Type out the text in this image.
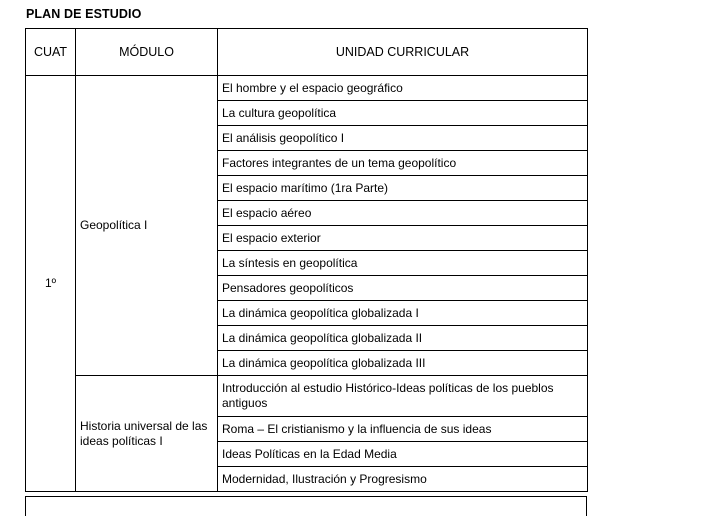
PLAN DE ESTUDIO
CUAT	MÓDULO	UNIDAD CURRICULAR
1º	Geopolítica I	El hombre y el espacio geográfico
		La cultura geopolítica
		El análisis geopolítico I
		Factores integrantes de un tema geopolítico
		El espacio marítimo (1ra Parte)
		El espacio aéreo
		El espacio exterior
		La síntesis en geopolítica
		Pensadores geopolíticos
		La dinámica geopolítica globalizada I
		La dinámica geopolítica globalizada II
		La dinámica geopolítica globalizada III
	Historia universal de las ideas políticas I	Introducción al estudio Histórico-Ideas políticas de los pueblos antiguos
		Roma – El cristianismo y la influencia de sus ideas
		Ideas Políticas en la Edad Media
		Modernidad, Ilustración y Progresismo
